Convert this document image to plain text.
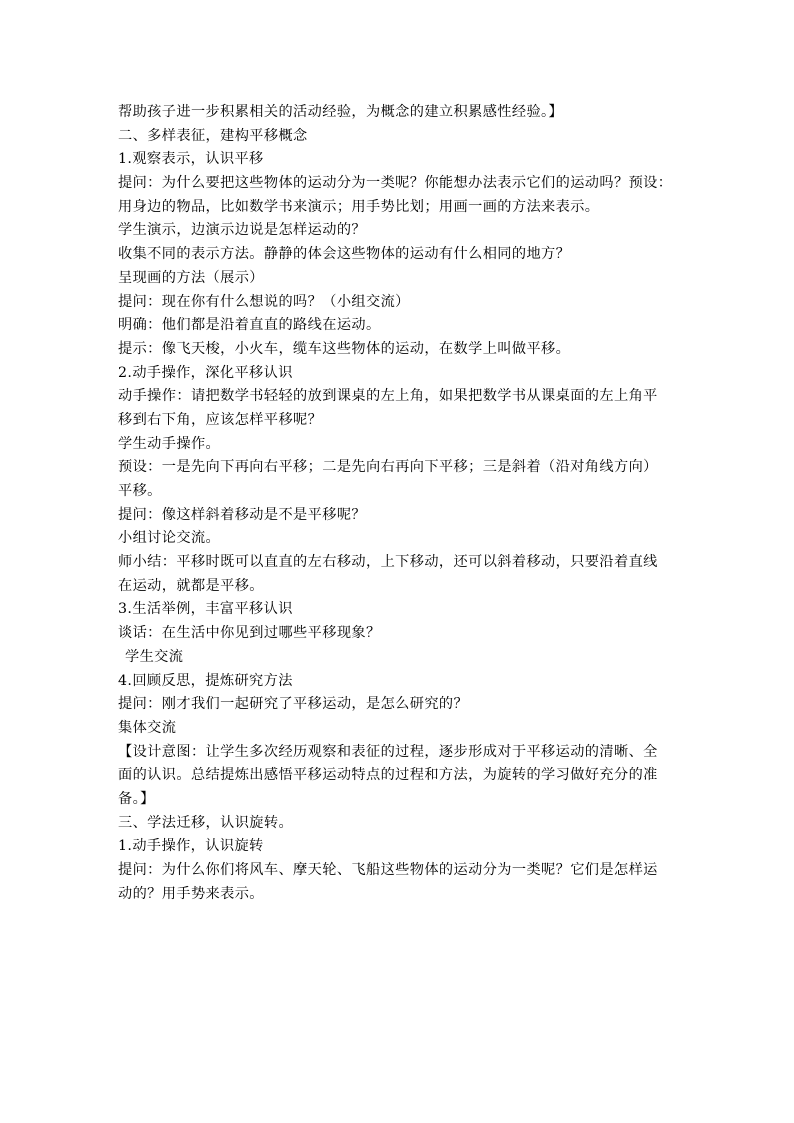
帮助孩子进一步积累相关的活动经验，为概念的建立积累感性经验。】
二、多样表征，建构平移概念
1.观察表示，认识平移
提问：为什么要把这些物体的运动分为一类呢？你能想办法表示它们的运动吗？预设：
用身边的物品，比如数学书来演示；用手势比划；用画一画的方法来表示。
学生演示，边演示边说是怎样运动的？
收集不同的表示方法。静静的体会这些物体的运动有什么相同的地方？
呈现画的方法（展示）
提问：现在你有什么想说的吗？（小组交流）
明确：他们都是沿着直直的路线在运动。
提示：像飞天梭，小火车，缆车这些物体的运动，在数学上叫做平移。
2.动手操作，深化平移认识
动手操作：请把数学书轻轻的放到课桌的左上角，如果把数学书从课桌面的左上角平
移到右下角，应该怎样平移呢？
学生动手操作。
预设：一是先向下再向右平移；二是先向右再向下平移；三是斜着（沿对角线方向）
平移。
提问：像这样斜着移动是不是平移呢？
小组讨论交流。
师小结：平移时既可以直直的左右移动，上下移动，还可以斜着移动，只要沿着直线
在运动，就都是平移。
3.生活举例，丰富平移认识
谈话：在生活中你见到过哪些平移现象？
学生交流
4.回顾反思，提炼研究方法
提问：刚才我们一起研究了平移运动，是怎么研究的？
集体交流
【设计意图：让学生多次经历观察和表征的过程，逐步形成对于平移运动的清晰、全
面的认识。总结提炼出感悟平移运动特点的过程和方法，为旋转的学习做好充分的准
备。】
三、学法迁移，认识旋转。
1.动手操作，认识旋转
提问：为什么你们将风车、摩天轮、飞船这些物体的运动分为一类呢？它们是怎样运
动的？用手势来表示。
